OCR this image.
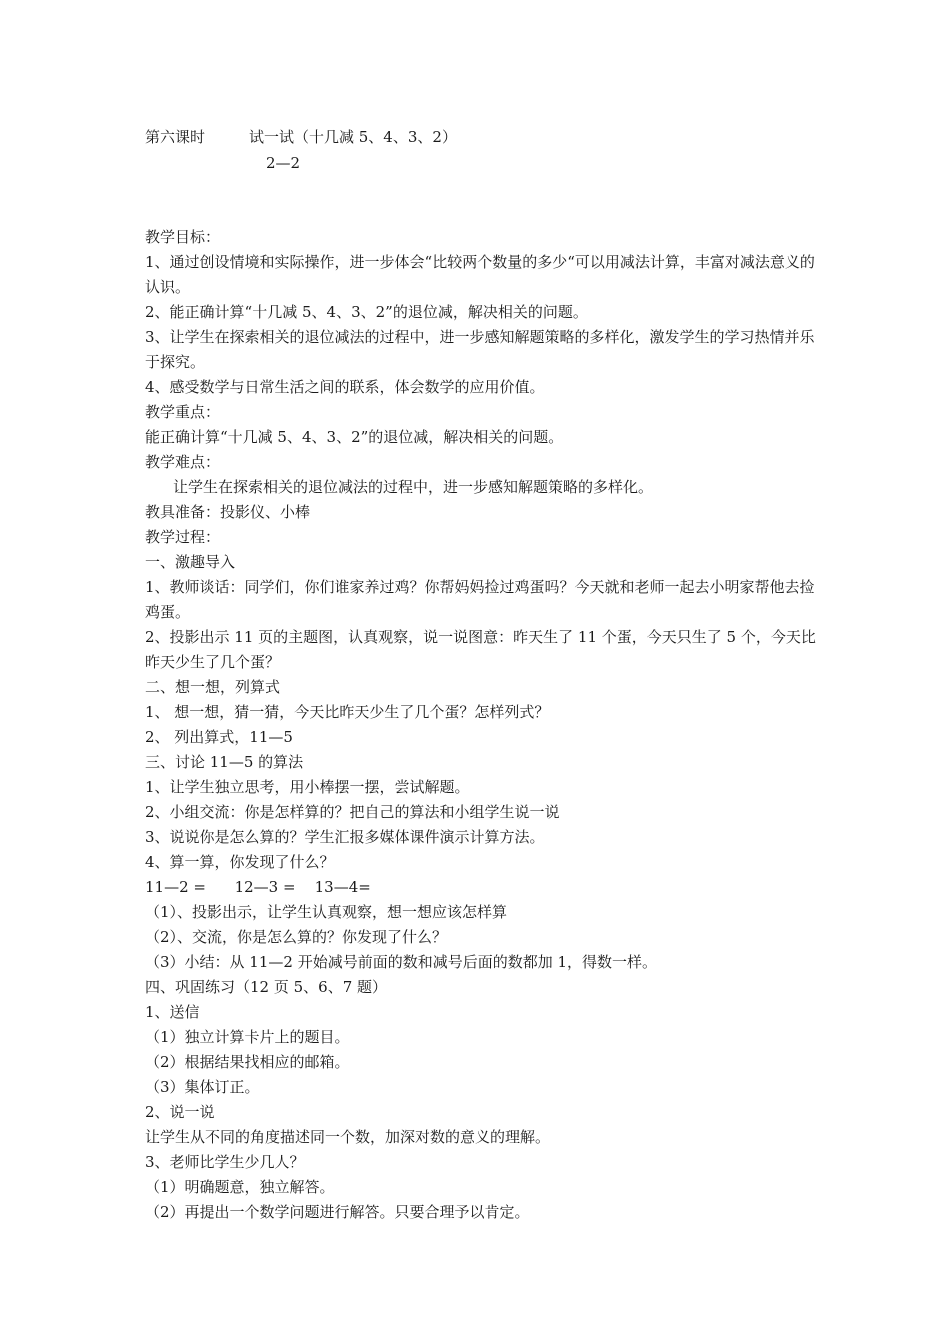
第六课时	试一试（十几减 5、4、3、2）
2—2

教学目标：

1、通过创设情境和实际操作，进一步体会“比较两个数量的多少“可以用减法计算，丰富对减法意义的认识。

2、能正确计算“十几减 5、4、3、2”的退位减，解决相关的问题。

3、让学生在探索相关的退位减法的过程中，进一步感知解题策略的多样化，激发学生的学习热情并乐于探究。

4、感受数学与日常生活之间的联系，体会数学的应用价值。

教学重点：

能正确计算“十几减 5、4、3、2”的退位减，解决相关的问题。

教学难点：

让学生在探索相关的退位减法的过程中，进一步感知解题策略的多样化。

教具准备：投影仪、小棒

教学过程：

一、激趣导入

1、教师谈话：同学们，你们谁家养过鸡？你帮妈妈捡过鸡蛋吗？今天就和老师一起去小明家帮他去捡鸡蛋。

2、投影出示 11 页的主题图，认真观察，说一说图意：昨天生了 11 个蛋，今天只生了 5 个，今天比昨天少生了几个蛋？

二、想一想，列算式

1、 想一想，猜一猜，今天比昨天少生了几个蛋？怎样列式？

2、 列出算式，11—5

三、讨论 11—5 的算法

1、让学生独立思考，用小棒摆一摆，尝试解题。

2、小组交流：你是怎样算的？把自己的算法和小组学生说一说

3、说说你是怎么算的？学生汇报多媒体课件演示计算方法。

4、算一算，你发现了什么？

11—2 =      12—3 =    13—4=

（1）、投影出示，让学生认真观察，想一想应该怎样算

（2）、交流，你是怎么算的？你发现了什么？

（3）小结：从 11—2 开始减号前面的数和减号后面的数都加 1，得数一样。

四、巩固练习（12 页 5、6、7 题）

1、送信

（1）独立计算卡片上的题目。

（2）根据结果找相应的邮箱。

（3）集体订正。

2、说一说

让学生从不同的角度描述同一个数，加深对数的意义的理解。

3、老师比学生少几人？

（1）明确题意，独立解答。

（2）再提出一个数学问题进行解答。只要合理予以肯定。
